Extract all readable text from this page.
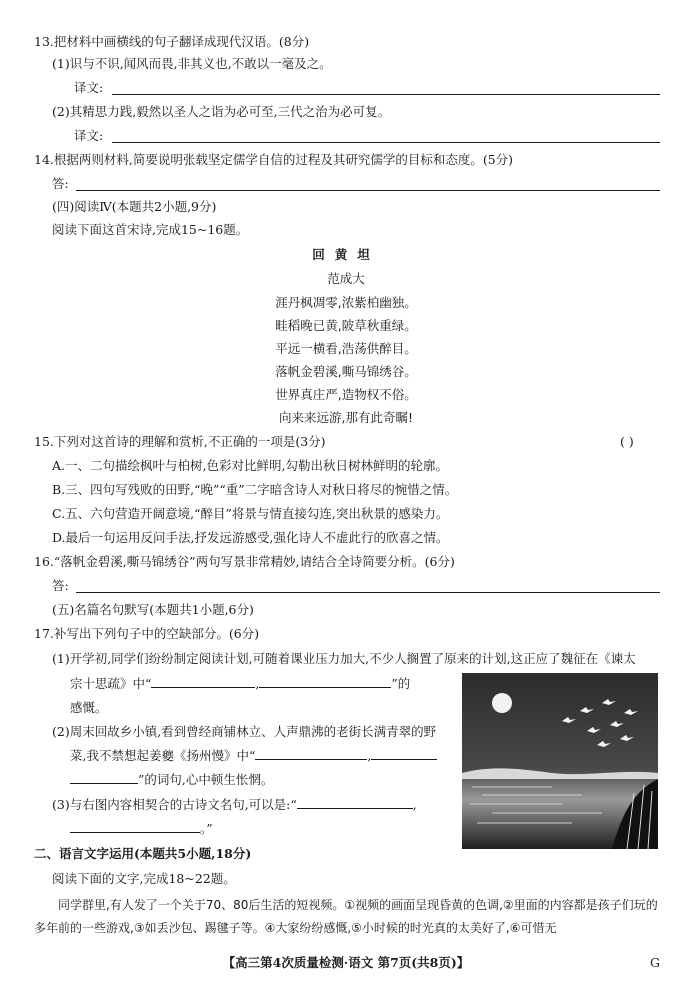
13.把材料中画横线的句子翻译成现代汉语。(8分)
(1)识与不识,闻风而畏,非其义也,不敢以一毫及之。
译文:
(2)其精思力践,毅然以圣人之诣为必可至,三代之治为必可复。
译文:
14.根据两则材料,简要说明张载坚定儒学自信的过程及其研究儒学的目标和态度。(5分)
答:
(四)阅读Ⅳ(本题共2小题,9分)
阅读下面这首宋诗,完成15~16题。
回黄坦
范成大
涯丹枫凋零,浓紫柏幽独。
畦稻晚已黄,陂草秋重绿。
平远一横看,浩荡供醉目。
落帆金碧溪,嘶马锦绣谷。
世界真庄严,造物权不俗。
向来来远游,那有此奇瞩!
15.下列对这首诗的理解和赏析,不正确的一项是(3分)	( )
A.一、二句描绘枫叶与柏树,色彩对比鲜明,勾勒出秋日树林鲜明的轮廓。
B.三、四句写残败的田野,“晚”“重”二字暗含诗人对秋日将尽的惋惜之情。
C.五、六句营造开阔意境,“醉目”将景与情直接勾连,突出秋景的感染力。
D.最后一句运用反问手法,抒发远游感受,强化诗人不虚此行的欣喜之情。
16.“落帆金碧溪,嘶马锦绣谷”两句写景非常精妙,请结合全诗简要分析。(6分)
答:
(五)名篇名句默写(本题共1小题,6分)
17.补写出下列句子中的空缺部分。(6分)
(1)开学初,同学们纷纷制定阅读计划,可随着课业压力加大,不少人搁置了原来的计划,这正应了魏征在《谏太
宗十思疏》中“	,	”的
感慨。
(2)周末回故乡小镇,看到曾经商铺林立、人声鼎沸的老街长满青翠的野
菜,我不禁想起姜夔《扬州慢》中“	,
”的词句,心中顿生怅惘。
(3)与右图内容相契合的古诗文名句,可以是:“	,
。”
二、语言文字运用(本题共5小题,18分)
阅读下面的文字,完成18~22题。
同学群里,有人发了一个关于70、80后生活的短视频。①视频的画面呈现昏黄的色调,②里面的内容都是孩子们玩的多年前的一些游戏,③如丢沙包、踢毽子等。④大家纷纷感慨,⑤小时候的时光真的太美好了,⑥可惜无
【高三第4次质量检测·语文 第7页(共8页)】	G
